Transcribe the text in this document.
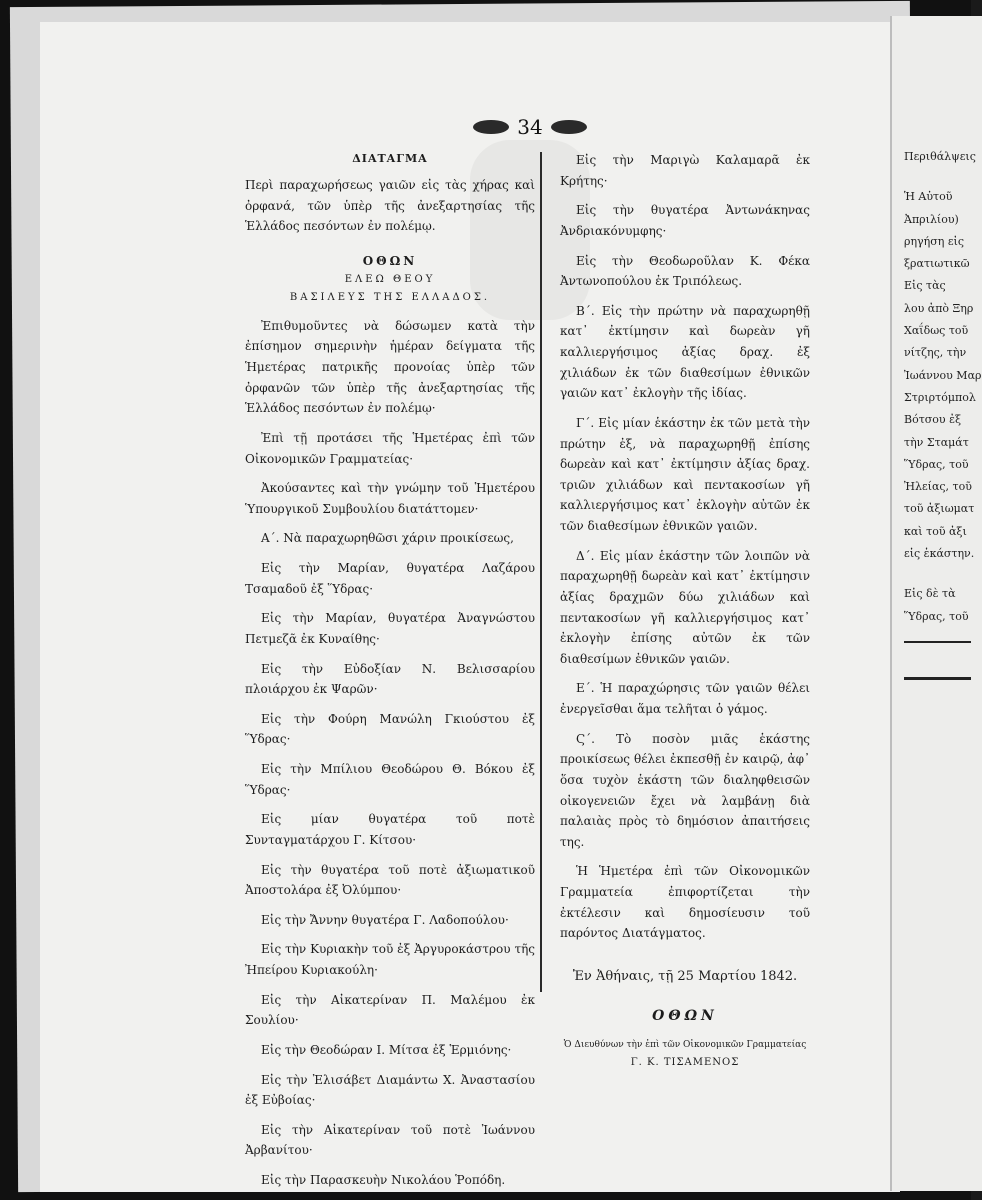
Περιθάλψεις
Ἡ Αὐτοῦ
Ἀπριλίου)
ρηγήση εἰς
ξρατιωτικῶ
Εἰς τὰς
λου ἀπὸ Ξηρ
Χαΐδως τοῦ
νίτζης, τὴν
Ἰωάννου Μαρ
Στριρτόμπολ
Βότσου ἐξ
τὴν Σταμάτ
Ὕδρας, τοῦ
Ἠλείας, τοῦ
τοῦ ἀξιωματ
καὶ τοῦ ἀξι
εἰς ἑκάστην.
Εἰς δὲ τὰ
Ὕδρας, τοῦ
34
ΔΙΑΤΑΓΜΑ

Περὶ παραχωρήσεως γαιῶν εἰς τὰς χήρας καὶ ὀρφανά, τῶν ὑπὲρ τῆς ἀνεξαρτησίας τῆς Ἑλλάδος πεσόντων ἐν πολέμῳ.

ΟΘΩΝ
ΕΛΕΩ ΘΕΟΥ
ΒΑΣΙΛΕΥΣ ΤΗΣ ΕΛΛΑΔΟΣ.

Ἐπιθυμοῦντες νὰ δώσωμεν κατὰ τὴν ἐπίσημον σημερινὴν ἡμέραν δείγματα τῆς Ἡμετέρας πατρικῆς προνοίας ὑπὲρ τῶν ὀρφανῶν τῶν ὑπὲρ τῆς ἀνεξαρτησίας τῆς Ἑλλάδος πεσόντων ἐν πολέμῳ·

Ἐπὶ τῇ προτάσει τῆς Ἡμετέρας ἐπὶ τῶν Οἰκονομικῶν Γραμματείας·

Ἀκούσαντες καὶ τὴν γνώμην τοῦ Ἡμετέρου Ὑπουργικοῦ Συμβουλίου διατάττομεν·

Α΄. Νὰ παραχωρηθῶσι χάριν προικίσεως,

Εἰς τὴν Μαρίαν, θυγατέρα Λαζάρου Τσαμαδοῦ ἐξ Ὕδρας·

Εἰς τὴν Μαρίαν, θυγατέρα Ἀναγνώστου Πετμεζᾶ ἐκ Κυναίθης·

Εἰς τὴν Εὐδοξίαν Ν. Βελισσαρίου πλοιάρχου ἐκ Ψαρῶν·

Εἰς τὴν Φούρη Μανώλη Γκιούστου ἐξ Ὕδρας·

Εἰς τὴν Μπίλιου Θεοδώρου Θ. Βόκου ἐξ Ὕδρας·

Εἰς μίαν θυγατέρα τοῦ ποτὲ Συνταγματάρχου Γ. Κίτσου·

Εἰς τὴν θυγατέρα τοῦ ποτὲ ἀξιωματικοῦ Ἀποστολάρα ἐξ Ὀλύμπου·

Εἰς τὴν Ἄννην θυγατέρα Γ. Λαδοπούλου·

Εἰς τὴν Κυριακὴν τοῦ ἐξ Ἀργυροκάστρου τῆς Ἠπείρου Κυριακούλη·

Εἰς τὴν Αἰκατερίναν Π. Μαλέμου ἐκ Σουλίου·

Εἰς τὴν Θεοδώραν Ι. Μίτσα ἐξ Ἑρμιόνης·

Εἰς τὴν Ἐλισάβετ Διαμάντω Χ. Ἀναστασίου ἐξ Εὐβοίας·

Εἰς τὴν Αἰκατερίναν τοῦ ποτὲ Ἰωάννου Ἀρβανίτου·

Εἰς τὴν Παρασκευὴν Νικολάου Ῥοπόδη.

Εἰς τὴν Μαριγὼ Καλαμαρᾶ ἐκ Κρήτης·

Εἰς τὴν θυγατέρα Ἀντωνάκηνας Ἀνδριακόνυμφης·

Εἰς τὴν Θεοδωροῦλαν Κ. Φέκα Ἀντωνοπούλου ἐκ Τριπόλεως.

Β΄. Εἰς τὴν πρώτην νὰ παραχωρηθῇ κατ᾽ ἐκτίμησιν καὶ δωρεὰν γῆ καλλιεργήσιμος ἀξίας δραχ. ἐξ χιλιάδων ἐκ τῶν διαθεσίμων ἐθνικῶν γαιῶν κατ᾽ ἐκλογὴν τῆς ἰδίας.

Γ΄. Εἰς μίαν ἑκάστην ἐκ τῶν μετὰ τὴν πρώτην ἐξ, νὰ παραχωρηθῇ ἐπίσης δωρεὰν καὶ κατ᾽ ἐκτίμησιν ἀξίας δραχ. τριῶν χιλιάδων καὶ πεντακοσίων γῆ καλλιεργήσιμος κατ᾽ ἐκλογὴν αὐτῶν ἐκ τῶν διαθεσίμων ἐθνικῶν γαιῶν.

Δ΄. Εἰς μίαν ἑκάστην τῶν λοιπῶν νὰ παραχωρηθῇ δωρεὰν καὶ κατ᾽ ἐκτίμησιν ἀξίας δραχμῶν δύω χιλιάδων καὶ πεντακοσίων γῆ καλλιεργήσιμος κατ᾽ ἐκλογὴν ἐπίσης αὐτῶν ἐκ τῶν διαθεσίμων ἐθνικῶν γαιῶν.

Ε΄. Ἡ παραχώρησις τῶν γαιῶν θέλει ἐνεργεῖσθαι ἅμα τελῆται ὁ γάμος.

Ϛ΄. Τὸ ποσὸν μιᾶς ἑκάστης προικίσεως θέλει ἐκπεσθῇ ἐν καιρῷ, ἀφ᾽ ὅσα τυχὸν ἑκάστη τῶν διαληφθεισῶν οἰκογενειῶν ἔχει νὰ λαμβάνῃ διὰ παλαιὰς πρὸς τὸ δημόσιον ἀπαιτήσεις της.

Ἡ Ἡμετέρα ἐπὶ τῶν Οἰκονομικῶν Γραμματεία ἐπιφορτίζεται τὴν ἐκτέλεσιν καὶ δημοσίευσιν τοῦ παρόντος Διατάγματος.

Ἐν Ἀθήναις, τῇ 25 Μαρτίου 1842.
ΟΘΩΝ
Ὁ Διευθύνων τὴν ἐπὶ τῶν Οἰκονομικῶν Γραμματείας
Γ. Κ. ΤΙΣΑΜΕΝΟΣ
